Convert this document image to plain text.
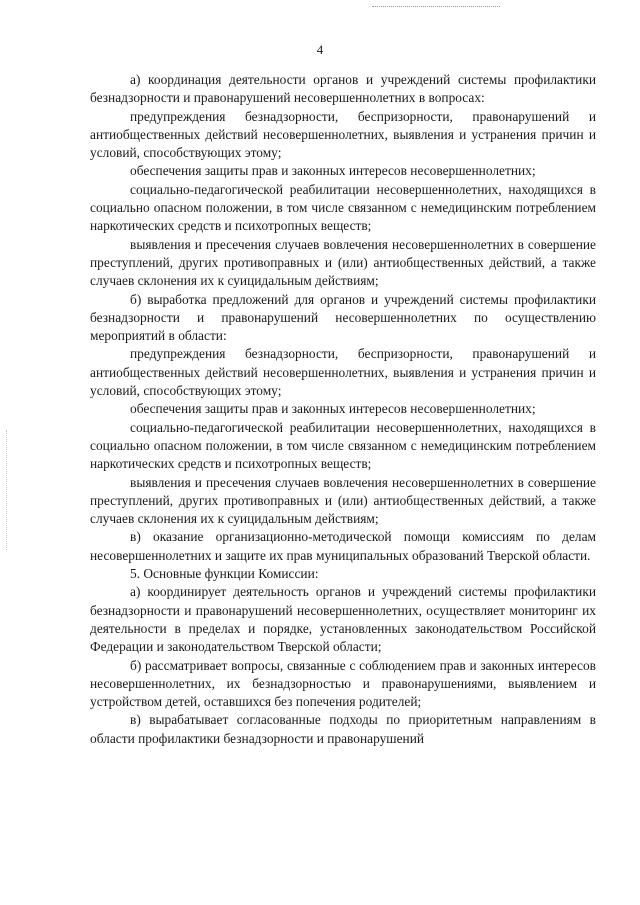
4

а) координация деятельности органов и учреждений системы профилактики безнадзорности и правонарушений несовершеннолетних в вопросах:

предупреждения безнадзорности, беспризорности, правонарушений и антиобщественных действий несовершеннолетних, выявления и устранения причин и условий, способствующих этому;

обеспечения защиты прав и законных интересов несовершеннолетних;

социально-педагогической реабилитации несовершеннолетних, находящихся в социально опасном положении, в том числе связанном с немедицинским потреблением наркотических средств и психотропных веществ;

выявления и пресечения случаев вовлечения несовершеннолетних в совершение преступлений, других противоправных и (или) антиобщественных действий, а также случаев склонения их к суицидальным действиям;

б) выработка предложений для органов и учреждений системы профилактики безнадзорности и правонарушений несовершеннолетних по осуществлению мероприятий в области:

предупреждения безнадзорности, беспризорности, правонарушений и антиобщественных действий несовершеннолетних, выявления и устранения причин и условий, способствующих этому;

обеспечения защиты прав и законных интересов несовершеннолетних;

социально-педагогической реабилитации несовершеннолетних, находящихся в социально опасном положении, в том числе связанном с немедицинским потреблением наркотических средств и психотропных веществ;

выявления и пресечения случаев вовлечения несовершеннолетних в совершение преступлений, других противоправных и (или) антиобщественных действий, а также случаев склонения их к суицидальным действиям;

в) оказание организационно-методической помощи комиссиям по делам несовершеннолетних и защите их прав муниципальных образований Тверской области.

5. Основные функции Комиссии:

а) координирует деятельность органов и учреждений системы профилактики безнадзорности и правонарушений несовершеннолетних, осуществляет мониторинг их деятельности в пределах и порядке, установленных законодательством Российской Федерации и законодательством Тверской области;

б) рассматривает вопросы, связанные с соблюдением прав и законных интересов несовершеннолетних, их безнадзорностью и правонарушениями, выявлением и устройством детей, оставшихся без попечения родителей;

в) вырабатывает согласованные подходы по приоритетным направлениям в области профилактики безнадзорности и правонарушений
